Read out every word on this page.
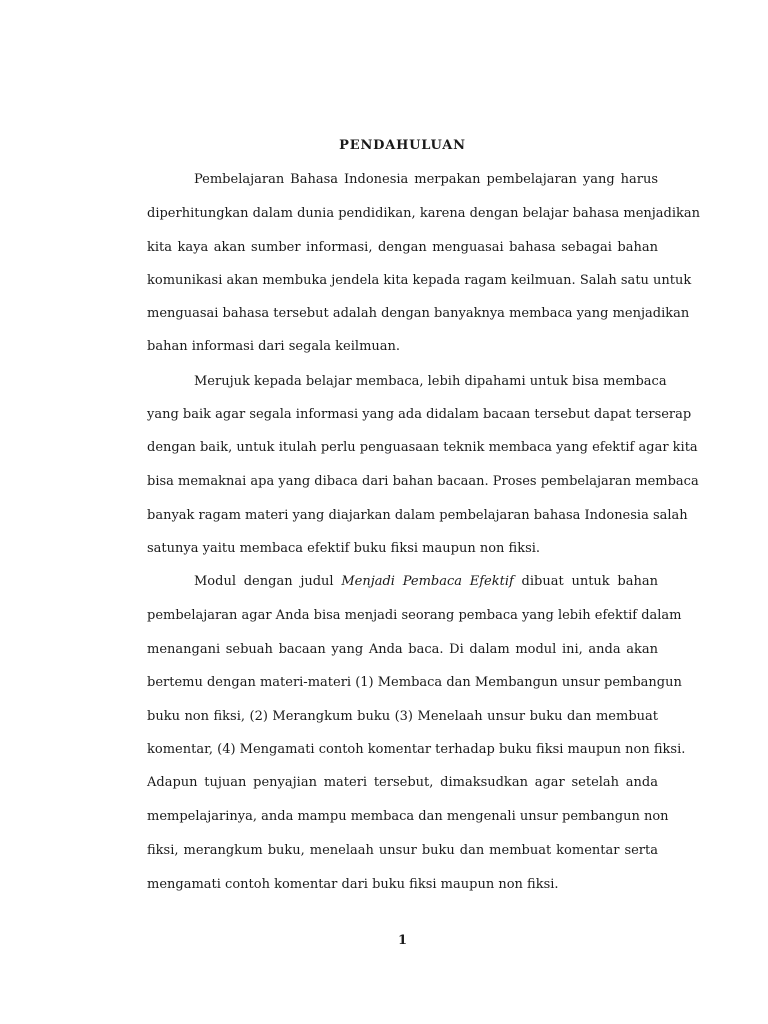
PENDAHULUAN
Pembelajaran Bahasa Indonesia merpakan pembelajaran yang harus
diperhitungkan dalam dunia pendidikan, karena dengan belajar bahasa menjadikan
kita kaya akan sumber informasi, dengan menguasai bahasa sebagai bahan
komunikasi akan membuka jendela kita kepada ragam keilmuan. Salah satu untuk
menguasai bahasa tersebut adalah dengan banyaknya membaca yang menjadikan
bahan informasi dari segala keilmuan.
Merujuk kepada belajar membaca, lebih dipahami untuk bisa membaca
yang baik agar segala informasi yang ada didalam bacaan tersebut dapat terserap
dengan baik, untuk itulah perlu penguasaan teknik membaca yang efektif agar kita
bisa memaknai apa yang dibaca dari bahan bacaan. Proses pembelajaran membaca
banyak ragam materi yang diajarkan dalam pembelajaran bahasa Indonesia salah
satunya yaitu membaca efektif buku fiksi maupun non fiksi.
Modul dengan judul Menjadi Pembaca Efektif dibuat untuk bahan
pembelajaran agar Anda bisa menjadi seorang pembaca yang lebih efektif dalam
menangani sebuah bacaan yang Anda baca. Di dalam modul ini, anda akan
bertemu dengan materi-materi (1) Membaca dan Membangun unsur pembangun
buku non fiksi, (2) Merangkum buku (3) Menelaah unsur buku dan membuat
komentar, (4) Mengamati contoh komentar terhadap buku fiksi maupun non fiksi.
Adapun tujuan penyajian materi tersebut, dimaksudkan agar setelah anda
mempelajarinya, anda mampu membaca dan mengenali unsur pembangun non
fiksi, merangkum buku, menelaah unsur buku dan membuat komentar serta
mengamati contoh komentar dari buku fiksi maupun non fiksi.
1
